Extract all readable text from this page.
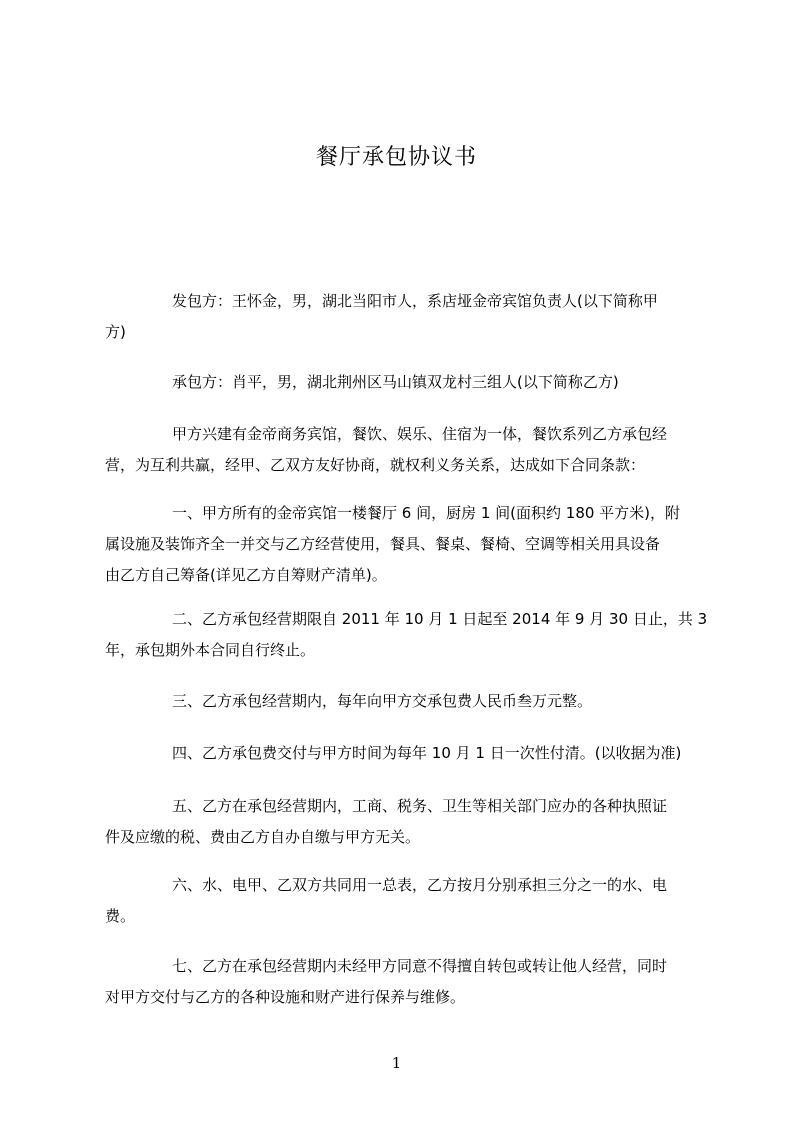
餐厅承包协议书
发包方：王怀金，男，湖北当阳市人，系店垭金帝宾馆负责人(以下简称甲
方)
承包方：肖平，男，湖北荆州区马山镇双龙村三组人(以下简称乙方)
甲方兴建有金帝商务宾馆，餐饮、娱乐、住宿为一体，餐饮系列乙方承包经
营，为互利共赢，经甲、乙双方友好协商，就权利义务关系，达成如下合同条款：
一、甲方所有的金帝宾馆一楼餐厅 6 间，厨房 1 间(面积约 180 平方米)，附
属设施及装饰齐全一并交与乙方经营使用，餐具、餐桌、餐椅、空调等相关用具设备
由乙方自己筹备(详见乙方自筹财产清单)。
二、乙方承包经营期限自 2011 年 10 月 1 日起至 2014 年 9 月 30 日止，共 3
年，承包期外本合同自行终止。
三、乙方承包经营期内，每年向甲方交承包费人民币叁万元整。
四、乙方承包费交付与甲方时间为每年 10 月 1 日一次性付清。(以收据为准)
五、乙方在承包经营期内，工商、税务、卫生等相关部门应办的各种执照证
件及应缴的税、费由乙方自办自缴与甲方无关。
六、水、电甲、乙双方共同用一总表，乙方按月分别承担三分之一的水、电
费。
七、乙方在承包经营期内未经甲方同意不得擅自转包或转让他人经营，同时
对甲方交付与乙方的各种设施和财产进行保养与维修。
1
